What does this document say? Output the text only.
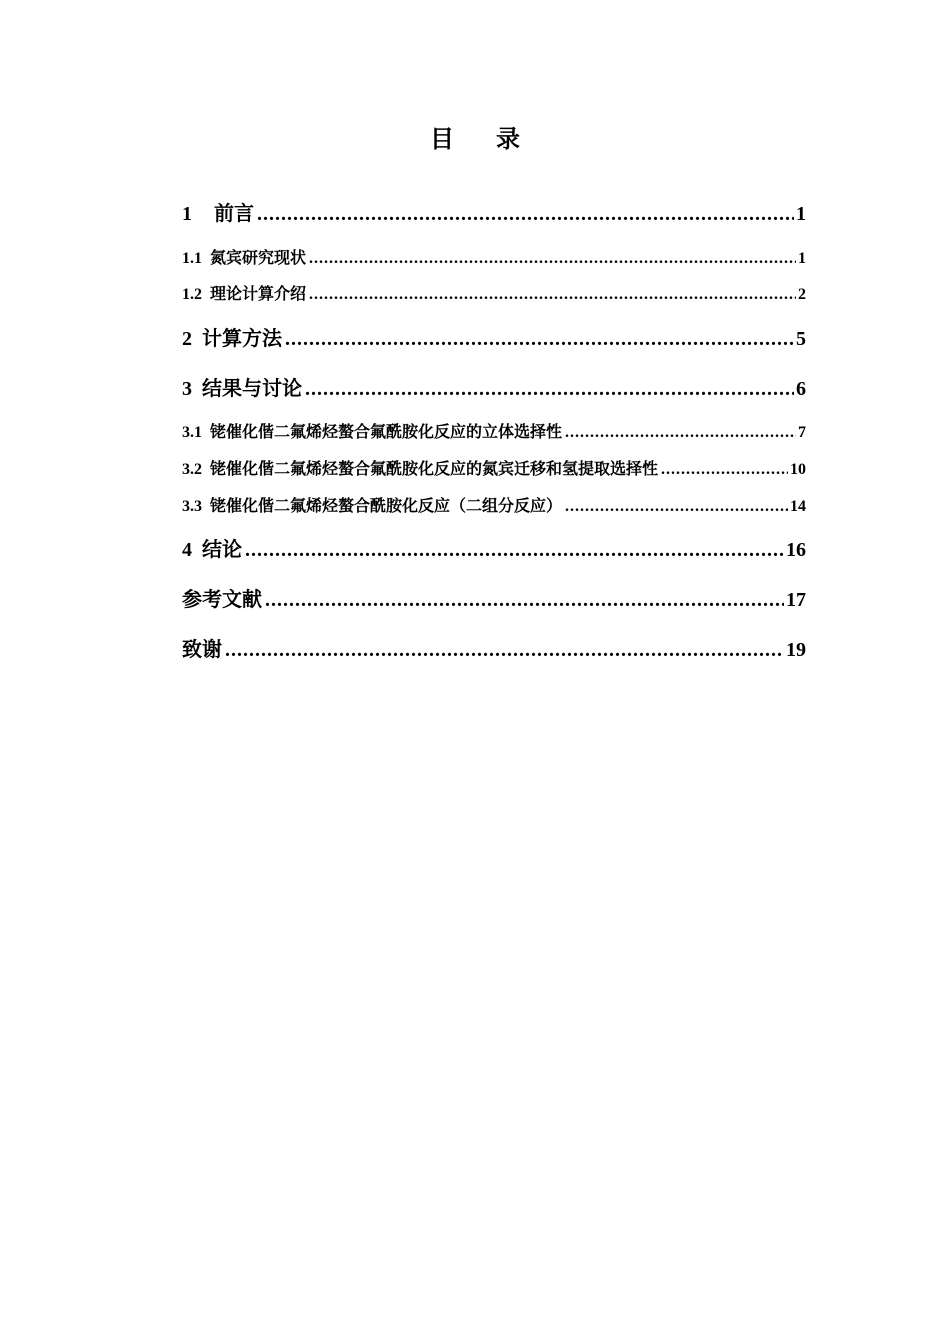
目录
1 前言 .....	1
1.1 氮宾研究现状 .....	1
1.2 理论计算介绍 .....	2
2 计算方法 .....	5
3 结果与讨论 .....	6
3.1 铑催化偕二氟烯烃螯合氟酰胺化反应的立体选择性 .....	7
3.2 铑催化偕二氟烯烃螯合氟酰胺化反应的氮宾迁移和氢提取选择性 .....	10
3.3 铑催化偕二氟烯烃螯合酰胺化反应（二组分反应） .....	14
4 结论 .....	16
参考文献 .....	17
致谢 .....	19
